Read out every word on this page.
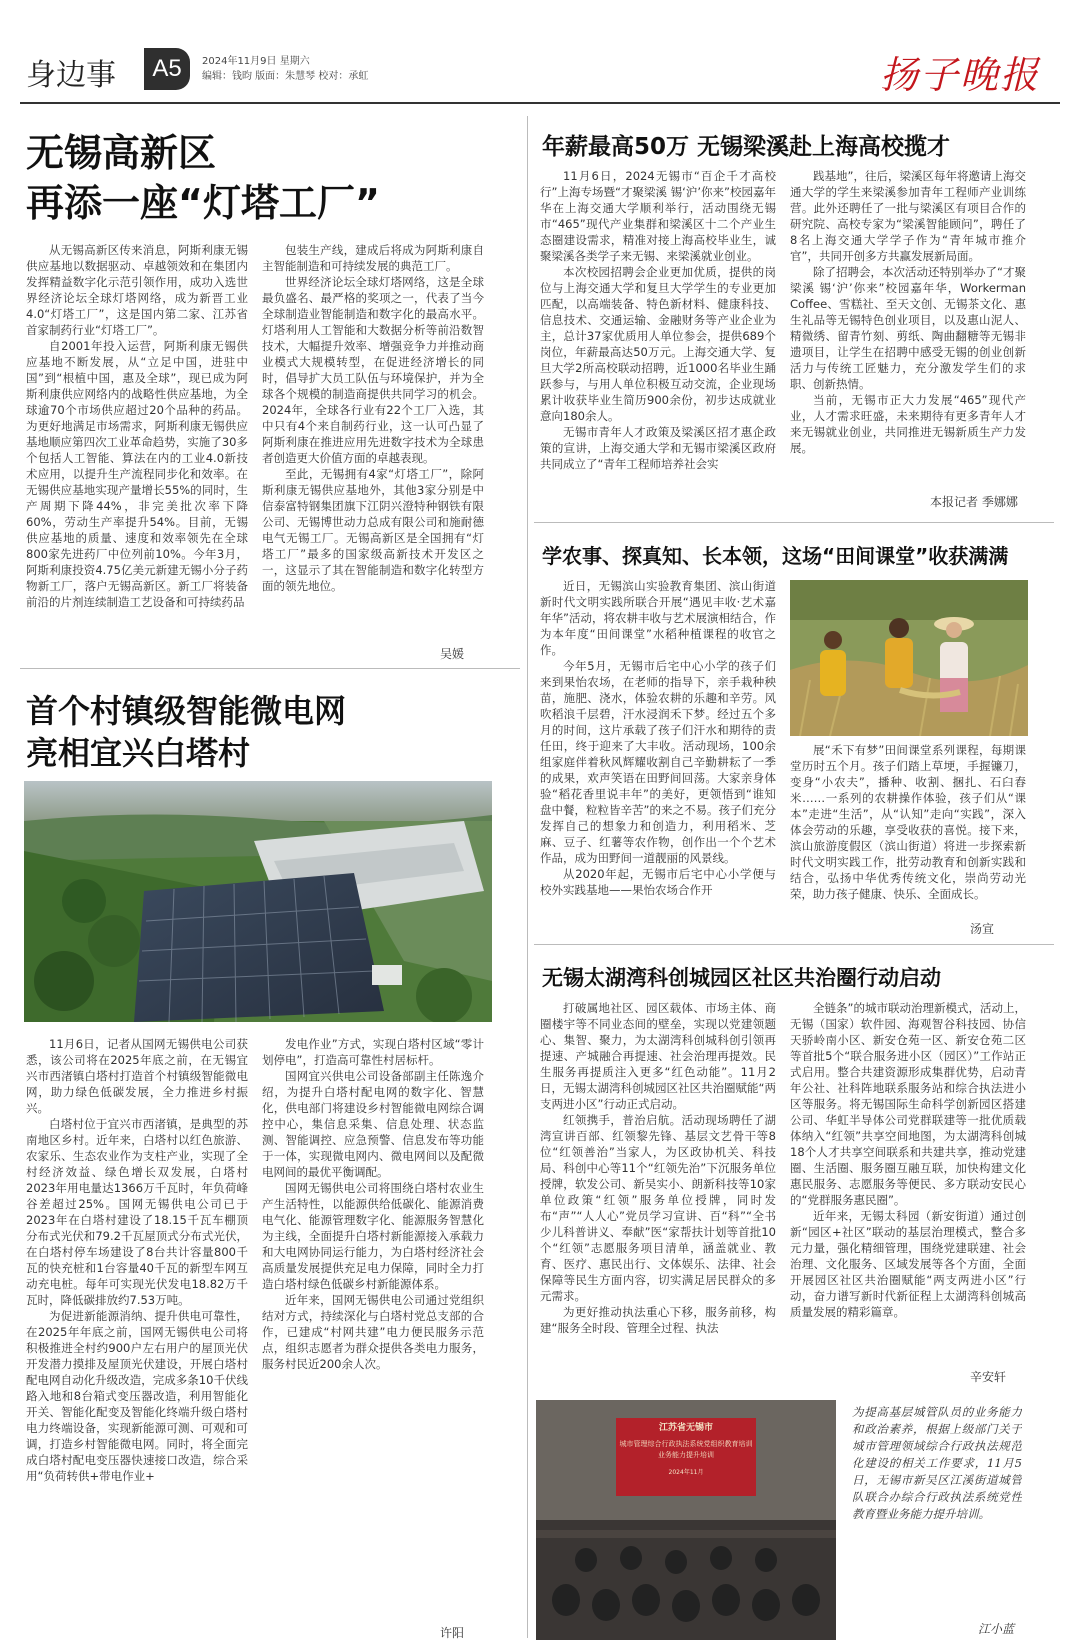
身边事	A5	2024年11月9日 星期六
编辑：钱昀 版面：朱慧琴 校对：承虹	扬子晚报
无锡高新区
再添一座“灯塔工厂”

从无锡高新区传来消息，阿斯利康无锡供应基地以数据驱动、卓越领效和在集团内发挥精益数字化示范引领作用，成功入选世界经济论坛全球灯塔网络，成为新晋工业4.0“灯塔工厂”，这是国内第二家、江苏省首家制药行业“灯塔工厂”。

自2001年投入运营，阿斯利康无锡供应基地不断发展，从“立足中国，进驻中国”到“根植中国，惠及全球”，现已成为阿斯利康供应网络内的战略性供应基地，为全球逾70个市场供应超过20个品种的药品。为更好地满足市场需求，阿斯利康无锡供应基地顺应第四次工业革命趋势，实施了30多个包括人工智能、算法在内的工业4.0新技术应用，以提升生产流程同步化和效率。在无锡供应基地实现产量增长55%的同时，生产周期下降44%，非完美批次率下降60%，劳动生产率提升54%。目前，无锡供应基地的质量、速度和效率领先在全球800家先进药厂中位列前10%。今年3月，阿斯利康投资4.75亿美元新建无锡小分子药物新工厂，落户无锡高新区。新工厂将装备前沿的片剂连续制造工艺设备和可持续药品

包装生产线，建成后将成为阿斯利康自主智能制造和可持续发展的典范工厂。

世界经济论坛全球灯塔网络，这是全球最负盛名、最严格的奖项之一，代表了当今全球制造业智能制造和数字化的最高水平。灯塔利用人工智能和大数据分析等前沿数智技术，大幅提升效率、增强竞争力并推动商业模式大规模转型，在促进经济增长的同时，倡导扩大员工队伍与环境保护，并为全球各个规模的制造商提供共同学习的机会。2024年，全球各行业有22个工厂入选，其中只有4个来自制药行业，这一认可凸显了阿斯利康在推进应用先进数字技术为全球患者创造更大价值方面的卓越表现。

至此，无锡拥有4家“灯塔工厂”，除阿斯利康无锡供应基地外，其他3家分别是中信泰富特钢集团旗下江阴兴澄特种钢铁有限公司、无锡博世动力总成有限公司和施耐德电气无锡工厂。无锡高新区是全国拥有“灯塔工厂”最多的国家级高新技术开发区之一，这显示了其在智能制造和数字化转型方面的领先地位。

吴媛
首个村镇级智能微电网
亮相宜兴白塔村

11月6日，记者从国网无锡供电公司获悉，该公司将在2025年底之前，在无锡宜兴市西渚镇白塔村打造首个村镇级智能微电网，助力绿色低碳发展，全力推进乡村振兴。

白塔村位于宜兴市西渚镇，是典型的苏南地区乡村。近年来，白塔村以红色旅游、农家乐、生态农业作为支柱产业，实现了全村经济效益、绿色增长双发展，白塔村2023年用电量达1366万千瓦时，年负荷峰谷差超过25%。国网无锡供电公司已于2023年在白塔村建设了18.15千瓦车棚顶分布式光伏和79.2千瓦屋顶式分布式光伏，在白塔村停车场建设了8台共计容量800千瓦的快充桩和1台容量40千瓦的新型车网互动充电桩。每年可实现光伏发电18.82万千瓦时，降低碳排放约7.53万吨。

为促进新能源消纳、提升供电可靠性，在2025年年底之前，国网无锡供电公司将积极推进全村约900户左右用户的屋顶光伏开发潜力摸排及屋顶光伏建设，开展白塔村配电网自动化升级改造，完成多条10千伏线路入地和8台箱式变压器改造，利用智能化开关、智能化配变及智能化终端升级白塔村电力终端设备，实现新能源可测、可观和可调，打造乡村智能微电网。同时，将全面完成白塔村配电变压器快速接口改造，综合采用“负荷转供+带电作业+

发电作业”方式，实现白塔村区域“零计划停电”，打造高可靠性村居标杆。

国网宜兴供电公司设备部副主任陈逸介绍，为提升白塔村配电网的数字化、智慧化，供电部门将建设乡村智能微电网综合调控中心，集信息采集、信息处理、状态监测、智能调控、应急预警、信息发布等功能于一体，实现微电网内、微电网间以及配微电网间的最优平衡调配。

国网无锡供电公司将围绕白塔村农业生产生活特性，以能源供给低碳化、能源消费电气化、能源管理数字化、能源服务智慧化为主线，全面提升白塔村新能源接入承载力和大电网协同运行能力，为白塔村经济社会高质量发展提供充足电力保障，同时全力打造白塔村绿色低碳乡村新能源体系。

近年来，国网无锡供电公司通过党组织结对方式，持续深化与白塔村党总支部的合作，已建成“村网共建”电力便民服务示范点，组织志愿者为群众提供各类电力服务，服务村民近200余人次。

许阳
年薪最高50万 无锡梁溪赴上海高校揽才

11月6日，2024无锡市“百企千才高校行”上海专场暨“才聚梁溪 锡‘沪’你来”校园嘉年华在上海交通大学顺利举行，活动围绕无锡市“465”现代产业集群和梁溪区十二个产业生态圈建设需求，精准对接上海高校毕业生，诚聚梁溪各类学子来无锡、来梁溪就业创业。

本次校园招聘会企业更加优质，提供的岗位与上海交通大学和复旦大学学生的专业更加匹配，以高端装备、特色新材料、健康科技、信息技术、交通运输、金融财务等产业企业为主，总计37家优质用人单位参会，提供689个岗位，年薪最高达50万元。上海交通大学、复旦大学2所高校联动招聘，近1000名毕业生踊跃参与，与用人单位积极互动交流，企业现场累计收获毕业生简历900余份，初步达成就业意向180余人。

无锡市青年人才政策及梁溪区招才惠企政策的宣讲，上海交通大学和无锡市梁溪区政府共同成立了“青年工程师培养社会实

践基地”，往后，梁溪区每年将邀请上海交通大学的学生来梁溪参加青年工程师产业训练营。此外还聘任了一批与梁溪区有项目合作的研究院、高校专家为“梁溪智能顾问”，聘任了8名上海交通大学学子作为“青年城市推介官”，共同开创多方共赢发展新局面。

除了招聘会，本次活动还特别举办了“才聚梁溪 锡‘沪’你来”校园嘉年华，Workerman Coffee、雪糕社、至天文创、无锡茶文化、惠生礼品等无锡特色创业项目，以及惠山泥人、精微绣、留青竹刻、剪纸、陶曲翻糖等无锡非遗项目，让学生在招聘中感受无锡的创业创新活力与传统工匠魅力，充分激发学生们的求职、创新热情。

当前，无锡市正大力发展“465”现代产业，人才需求旺盛，未来期待有更多青年人才来无锡就业创业，共同推进无锡新质生产力发展。

本报记者 季娜娜
学农事、探真知、长本领，这场“田间课堂”收获满满

近日，无锡滨山实验教育集团、滨山街道新时代文明实践所联合开展“遇见丰收·艺术嘉年华”活动，将农耕丰收与艺术展演相结合，作为本年度“田间课堂”水稻种植课程的收官之作。

今年5月，无锡市后宅中心小学的孩子们来到果怡农场，在老师的指导下，亲手栽种秧苗，施肥、浇水，体验农耕的乐趣和辛劳。风吹稻浪千层碧，汗水浸润禾下梦。经过五个多月的时间，这片承载了孩子们汗水和期待的责任田，终于迎来了大丰收。活动现场，100余组家庭伴着秋风辉耀收割自己辛勤耕耘了一季的成果，欢声笑语在田野间回荡。大家亲身体验“稻花香里说丰年”的美好，更领悟到“谁知盘中餐，粒粒皆辛苦”的来之不易。孩子们充分发挥自己的想象力和创造力，利用稻米、芝麻、豆子、红薯等农作物，创作出一个个艺术作品，成为田野间一道靓丽的风景线。

从2020年起，无锡市后宅中心小学便与校外实践基地——果怡农场合作开

展“禾下有梦”田间课堂系列课程，每期课堂历时五个月。孩子们踏上草埂，手握镰刀，变身“小农夫”，播种、收割、捆扎、石臼舂米……一系列的农耕操作体验，孩子们从“课本”走进“生活”，从“认知”走向“实践”，深入体会劳动的乐趣，享受收获的喜悦。接下来，滨山旅游度假区（滨山街道）将进一步探索新时代文明实践工作，批劳动教育和创新实践和结合，弘扬中华优秀传统文化，崇尚劳动光荣，助力孩子健康、快乐、全面成长。

汤宣
无锡太湖湾科创城园区社区共治圈行动启动

打破属地社区、园区载体、市场主体、商圈楼宇等不同业态间的壁垒，实现以党建领题心、集智、聚力，为太湖湾科创城科创引领再提速、产城融合再提速、社会治理再提效。民生服务再提质注入更多“红色动能”。11月2日，无锡太湖湾科创城园区社区共治圈赋能“两支两进小区”行动正式启动。

红领携手，普治启航。活动现场聘任了湖湾宣讲百部、红领黎先锋、基层文艺骨干等8位“红领善治”当家人，为区政协机关、科技局、科创中心等11个“红领先治”下沉服务单位授牌，软发公司、新吴实小、朗新科技等10家单位政策“红领”服务单位授牌，同时发布“声”“人人心”党员学习宣讲、百“科”“全书少儿科普讲义、奉献”医“家帮扶计划等首批10个“红领”志愿服务项目清单，涵盖就业、教育、医疗、惠民出行、文体娱乐、法律、社会保障等民生方面内容，切实满足居民群众的多元需求。

为更好推动执法重心下移，服务前移，构建“服务全时段、管理全过程、执法

全链条”的城市联动治理新模式，活动上，无锡（国家）软件园、海观智谷科技园、协信天骄岭南小区、新安仓苑一区、新安仓苑二区等首批5个“联合服务进小区（园区）”工作站正式启用。整合共建资源形成集群优势，启动青年公社、社科阵地联系服务站和综合执法进小区等服务。将无锡国际生命科学创新园区搭建公司、华虹半导体公司党群联建等一批优质载体纳入“红领”共享空间地图，为太湖湾科创城18个人才共享空间联系和共建共享，推动党建圈、生活圈、服务圈互融互联，加快构建文化惠民服务、志愿服务等便民、多方联动安民心的“党群服务惠民圈”。

近年来，无锡太科园（新安街道）通过创新“园区+社区”联动的基层治理模式，整合多元力量，强化精细管理，围绕党建联建、社会治理、文化服务、区域发展等各个方面，全面开展园区社区共治圈赋能“两支两进小区”行动，奋力谱写新时代新征程上太湖湾科创城高质量发展的精彩篇章。

辛安轩
江苏省无锡市
城市管理综合行政执法系统党组织教育培训
业务能力提升培训
2024年11月
为提高基层城管队员的业务能力和政治素养，根据上级部门关于城市管理领域综合行政执法规范化建设的相关工作要求，11月5日，无锡市新吴区江溪街道城管队联合办综合行政执法系统党性教育暨业务能力提升培训。
江小蓝
